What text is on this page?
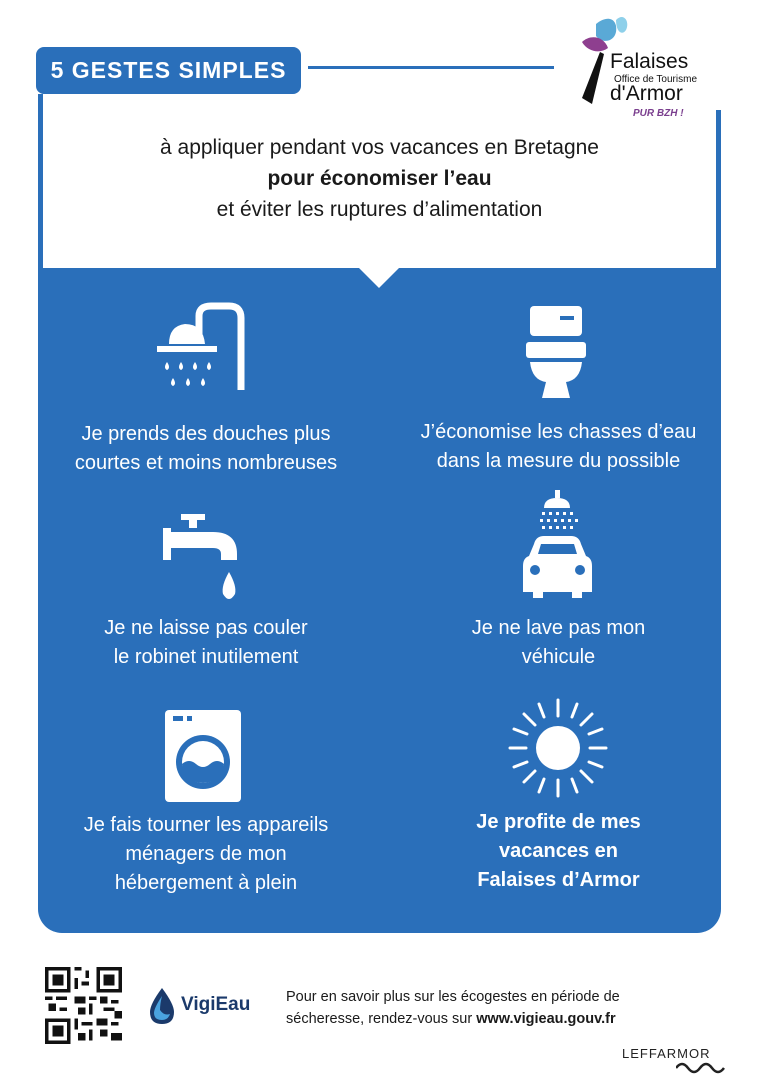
5 GESTES SIMPLES	Falaises
Office de Tourisme
d'Armor
PUR BZH !
à appliquer pendant vos vacances en Bretagne
pour économiser l’eau
et éviter les ruptures d’alimentation
Je prends des douches plus
courtes et moins nombreuses
J’économise les chasses d’eau
dans la mesure du possible
Je ne laisse pas couler
le robinet inutilement
Je ne lave pas mon
véhicule
Je fais tourner les appareils
ménagers de mon
hébergement à plein
Je profite de mes
vacances en
Falaises d’Armor
VigiEau Pour en savoir plus sur les écogestes en période de
sécheresse, rendez-vous sur www.vigieau.gouv.fr
LEFFARMOR
